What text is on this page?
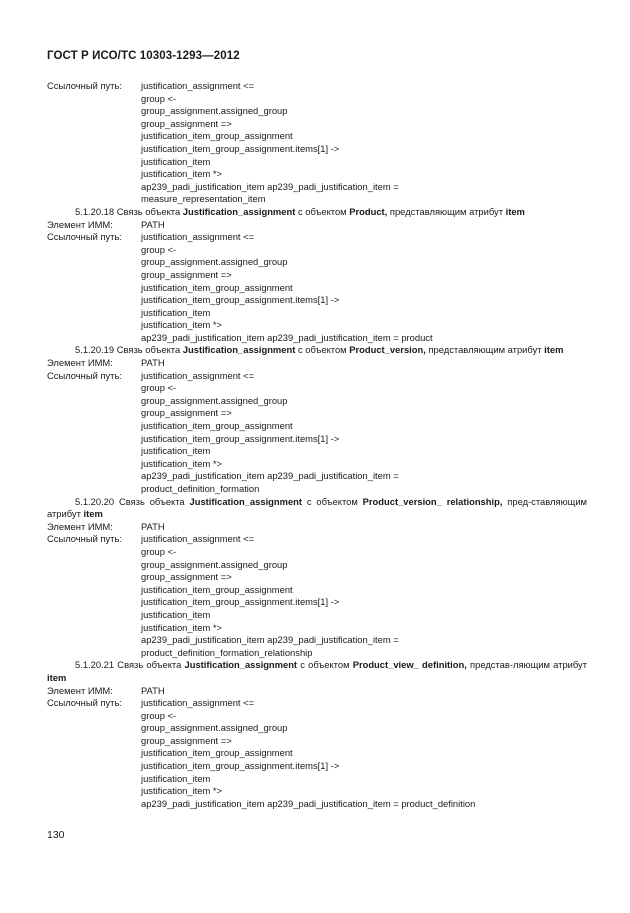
ГОСТ Р ИСО/ТС 10303-1293—2012
Ссылочный путь:	justification_assignment <=
group <-
group_assignment.assigned_group
group_assignment =>
justification_item_group_assignment
justification_item_group_assignment.items[1] ->
justification_item
justification_item *>
ap239_padi_justification_item ap239_padi_justification_item =
measure_representation_item
5.1.20.18 Связь объекта Justification_assignment с объектом Product, представляющим атрибут item
Элемент ИММ:	PATH
Ссылочный путь:	justification_assignment <=
group <-
group_assignment.assigned_group
group_assignment =>
justification_item_group_assignment
justification_item_group_assignment.items[1] ->
justification_item
justification_item *>
ap239_padi_justification_item ap239_padi_justification_item = product
5.1.20.19 Связь объекта Justification_assignment с объектом Product_version, представляющим атрибут item
Элемент ИММ:	PATH
Ссылочный путь:	justification_assignment <=
group <-
group_assignment.assigned_group
group_assignment =>
justification_item_group_assignment
justification_item_group_assignment.items[1] ->
justification_item
justification_item *>
ap239_padi_justification_item ap239_padi_justification_item =
product_definition_formation
5.1.20.20 Связь объекта Justification_assignment с объектом Product_version_ relationship, пред-ставляющим атрибут item
Элемент ИММ:	PATH
Ссылочный путь:	justification_assignment <=
group <-
group_assignment.assigned_group
group_assignment =>
justification_item_group_assignment
justification_item_group_assignment.items[1] ->
justification_item
justification_item *>
ap239_padi_justification_item ap239_padi_justification_item =
product_definition_formation_relationship
5.1.20.21 Связь объекта Justification_assignment с объектом Product_view_ definition, представ-ляющим атрибут item
Элемент ИММ:	PATH
Ссылочный путь:	justification_assignment <=
group <-
group_assignment.assigned_group
group_assignment =>
justification_item_group_assignment
justification_item_group_assignment.items[1] ->
justification_item
justification_item *>
ap239_padi_justification_item ap239_padi_justification_item = product_definition
130
